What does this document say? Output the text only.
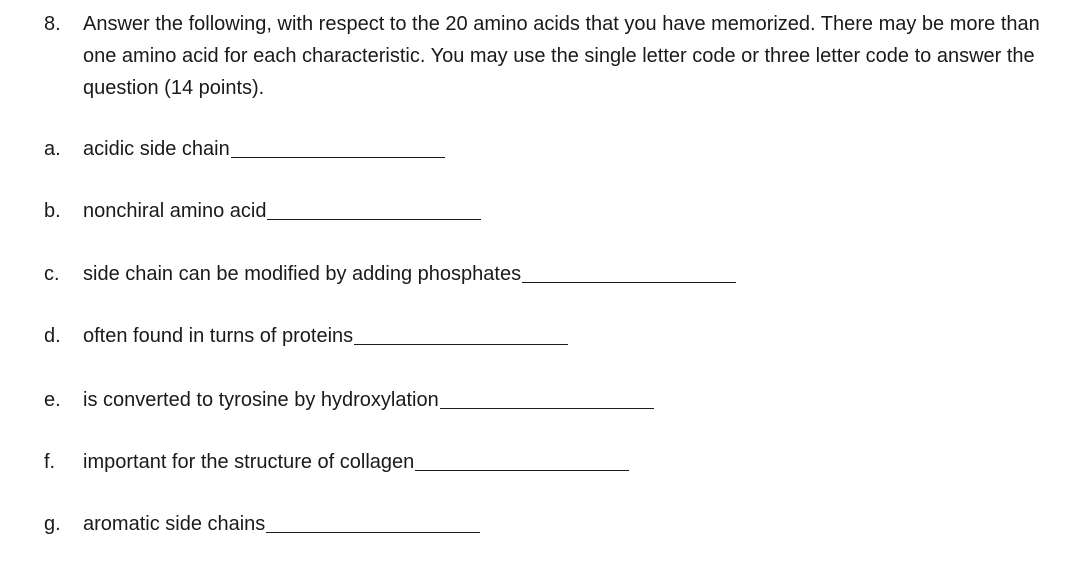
8. Answer the following, with respect to the 20 amino acids that you have memorized. There may be more than one amino acid for each characteristic. You may use the single letter code or three letter code to answer the question (14 points).
a. acidic side chain
b. nonchiral amino acid
c. side chain can be modified by adding phosphates
d. often found in turns of proteins
e. is converted to tyrosine by hydroxylation
f. important for the structure of collagen
g. aromatic side chains
